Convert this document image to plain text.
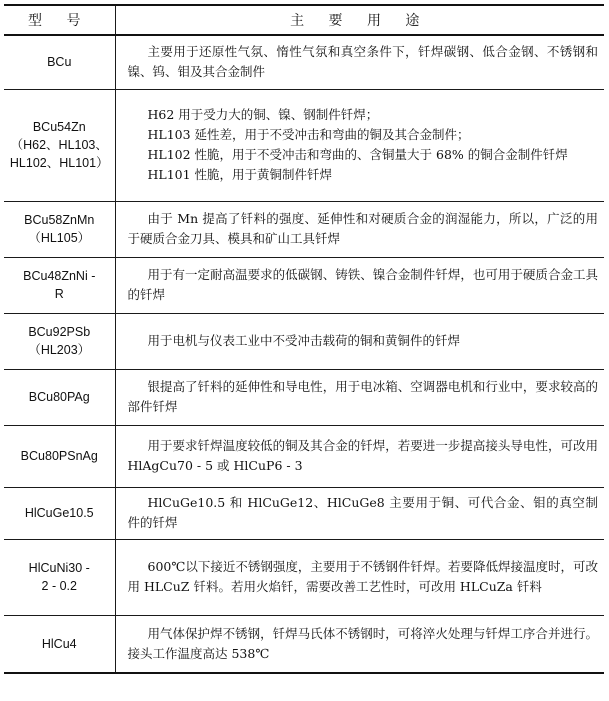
型 号	主 要 用 途

BCu	主要用于还原性气氛、惰性气氛和真空条件下，钎焊碳钢、低合金钢、不锈钢和镍、钨、钼及其合金制件

BCu54Zn
（H62、HL103、
HL102、HL101）	H62 用于受力大的铜、镍、钢制件钎焊；
HL103 延性差，用于不受冲击和弯曲的铜及其合金制件；
HL102 性脆，用于不受冲击和弯曲的、含铜量大于 68% 的铜合金制件钎焊
HL101 性脆，用于黄铜制件钎焊

BCu58ZnMn
（HL105）	由于 Mn 提高了钎料的强度、延伸性和对硬质合金的润湿能力，所以，广泛的用于硬质合金刀具、模具和矿山工具钎焊

BCu48ZnNi -
R	用于有一定耐高温要求的低碳钢、铸铁、镍合金制件钎焊，也可用于硬质合金工具的钎焊

BCu92PSb
（HL203）	用于电机与仪表工业中不受冲击载荷的铜和黄铜件的钎焊

BCu80PAg	银提高了钎料的延伸性和导电性，用于电冰箱、空调器电机和行业中，要求较高的部件钎焊

BCu80PSnAg	用于要求钎焊温度较低的铜及其合金的钎焊，若要进一步提高接头导电性，可改用 HlAgCu70 - 5 或 HlCuP6 - 3

HlCuGe10.5	HlCuGe10.5 和 HlCuGe12、HlCuGe8 主要用于铜、可代合金、钼的真空制件的钎焊

HlCuNi30 -
2 - 0.2	600℃以下接近不锈钢强度，主要用于不锈钢件钎焊。若要降低焊接温度时，可改用 HLCuZ 钎料。若用火焰钎，需要改善工艺性时，可改用 HLCuZa 钎料

HlCu4	用气体保护焊不锈钢，钎焊马氏体不锈钢时，可将淬火处理与钎焊工序合并进行。接头工作温度高达 538℃
